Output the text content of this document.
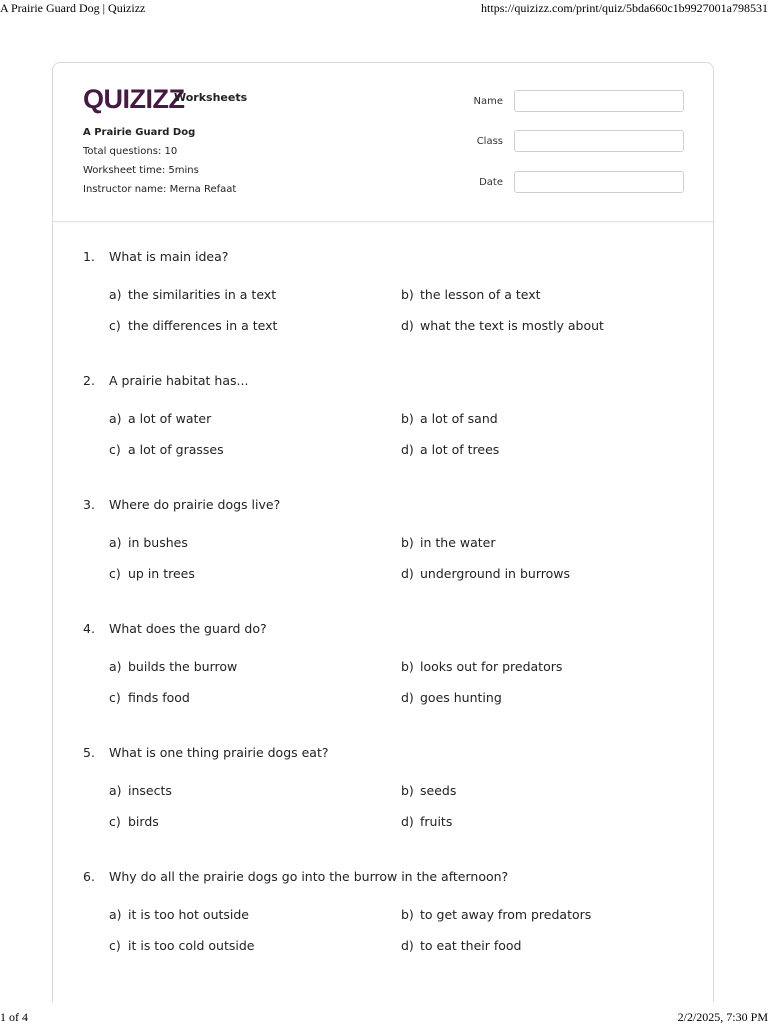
A Prairie Guard Dog | Quizizz	https://quizizz.com/print/quiz/5bda660c1b9927001a798531
QUIZIZZ
Worksheets
A Prairie Guard Dog
Total questions: 10
Worksheet time: 5mins
Instructor name: Merna Refaat
Name
Class
Date
1. What is main idea?
a) the similarities in a text	b) the lesson of a text
c) the differences in a text	d) what the text is mostly about
2. A prairie habitat has...
a) a lot of water	b) a lot of sand
c) a lot of grasses	d) a lot of trees
3. Where do prairie dogs live?
a) in bushes	b) in the water
c) up in trees	d) underground in burrows
4. What does the guard do?
a) builds the burrow	b) looks out for predators
c) finds food	d) goes hunting
5. What is one thing prairie dogs eat?
a) insects	b) seeds
c) birds	d) fruits
6. Why do all the prairie dogs go into the burrow in the afternoon?
a) it is too hot outside	b) to get away from predators
c) it is too cold outside	d) to eat their food
1 of 4	2/2/2025, 7:30 PM
